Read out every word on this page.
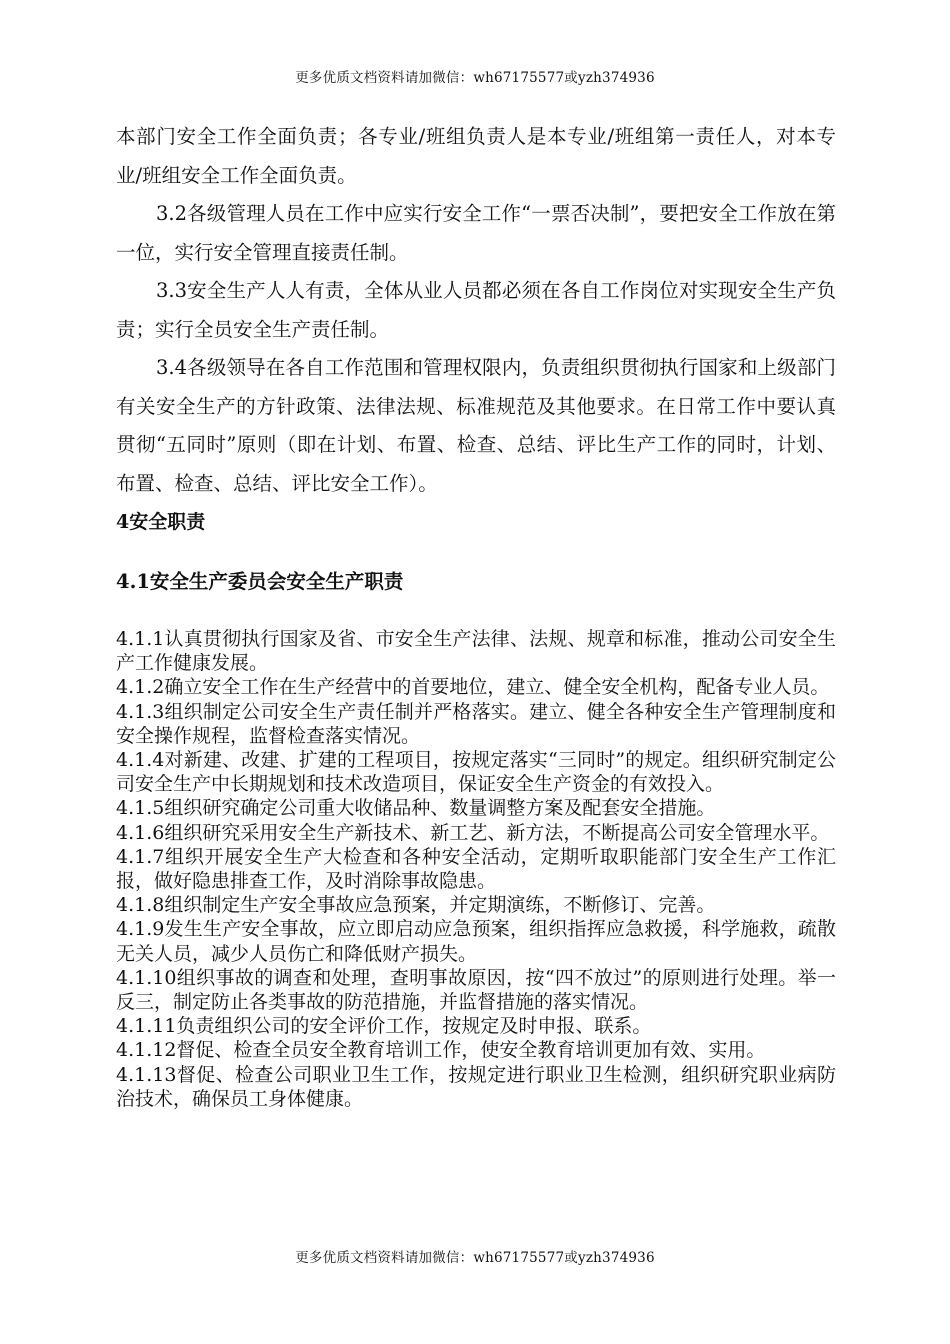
更多优质文档资料请加微信：wh67175577或yzh374936

本部门安全工作全面负责；各专业/班组负责人是本专业/班组第一责任人，对本专业/班组安全工作全面负责。

3.2各级管理人员在工作中应实行安全工作“一票否决制”，要把安全工作放在第一位，实行安全管理直接责任制。

3.3安全生产人人有责，全体从业人员都必须在各自工作岗位对实现安全生产负责；实行全员安全生产责任制。

3.4各级领导在各自工作范围和管理权限内，负责组织贯彻执行国家和上级部门有关安全生产的方针政策、法律法规、标准规范及其他要求。在日常工作中要认真贯彻“五同时”原则（即在计划、布置、检查、总结、评比生产工作的同时，计划、布置、检查、总结、评比安全工作）。

4安全职责

4.1安全生产委员会安全生产职责

4.1.1认真贯彻执行国家及省、市安全生产法律、法规、规章和标准，推动公司安全生产工作健康发展。

4.1.2确立安全工作在生产经营中的首要地位，建立、健全安全机构，配备专业人员。

4.1.3组织制定公司安全生产责任制并严格落实。建立、健全各种安全生产管理制度和安全操作规程，监督检查落实情况。

4.1.4对新建、改建、扩建的工程项目，按规定落实“三同时”的规定。组织研究制定公司安全生产中长期规划和技术改造项目，保证安全生产资金的有效投入。

4.1.5组织研究确定公司重大收储品种、数量调整方案及配套安全措施。

4.1.6组织研究采用安全生产新技术、新工艺、新方法，不断提高公司安全管理水平。

4.1.7组织开展安全生产大检查和各种安全活动，定期听取职能部门安全生产工作汇报，做好隐患排查工作，及时消除事故隐患。

4.1.8组织制定生产安全事故应急预案，并定期演练，不断修订、完善。

4.1.9发生生产安全事故，应立即启动应急预案，组织指挥应急救援，科学施救，疏散无关人员，减少人员伤亡和降低财产损失。

4.1.10组织事故的调查和处理，查明事故原因，按“四不放过”的原则进行处理。举一反三，制定防止各类事故的防范措施，并监督措施的落实情况。

4.1.11负责组织公司的安全评价工作，按规定及时申报、联系。

4.1.12督促、检查全员安全教育培训工作，使安全教育培训更加有效、实用。

4.1.13督促、检查公司职业卫生工作，按规定进行职业卫生检测，组织研究职业病防治技术，确保员工身体健康。

更多优质文档资料请加微信：wh67175577或yzh374936
